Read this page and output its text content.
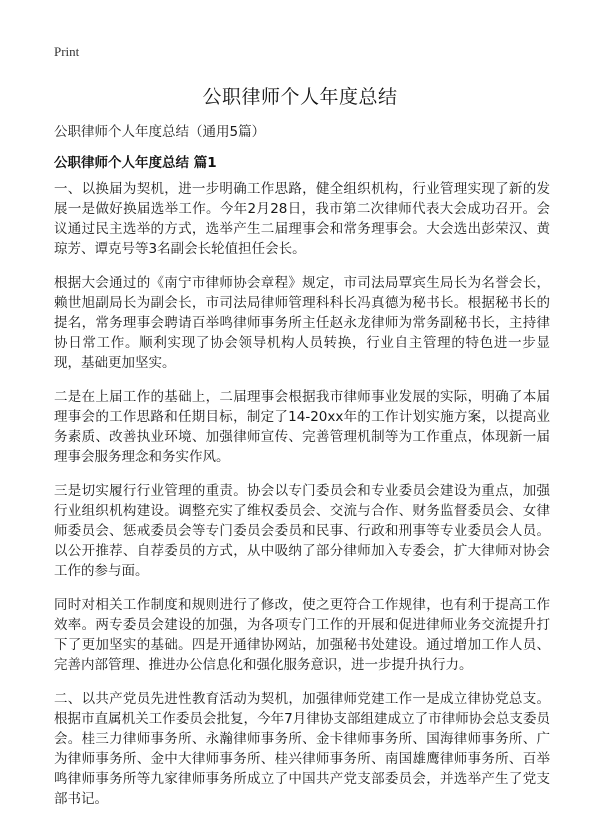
Print
公职律师个人年度总结
公职律师个人年度总结（通用5篇）
公职律师个人年度总结 篇1

一、以换届为契机，进一步明确工作思路，健全组织机构，行业管理实现了新的发展一是做好换届选举工作。今年2月28日，我市第二次律师代表大会成功召开。会议通过民主选举的方式，选举产生二届理事会和常务理事会。大会选出彭荣汉、黄琼芳、谭克号等3名副会长轮值担任会长。

根据大会通过的《南宁市律师协会章程》规定，市司法局覃宾生局长为名誉会长，赖世旭副局长为副会长，市司法局律师管理科科长冯真德为秘书长。根据秘书长的提名，常务理事会聘请百举鸣律师事务所主任赵永龙律师为常务副秘书长，主持律协日常工作。顺利实现了协会领导机构人员转换，行业自主管理的特色进一步显现，基础更加坚实。

二是在上届工作的基础上，二届理事会根据我市律师事业发展的实际，明确了本届理事会的工作思路和任期目标，制定了14-20xx年的工作计划实施方案，以提高业务素质、改善执业环境、加强律师宣传、完善管理机制等为工作重点，体现新一届理事会服务理念和务实作风。

三是切实履行行业管理的重责。协会以专门委员会和专业委员会建设为重点，加强行业组织机构建设。调整充实了维权委员会、交流与合作、财务监督委员会、女律师委员会、惩戒委员会等专门委员会委员和民事、行政和刑事等专业委员会人员。以公开推荐、自荐委员的方式，从中吸纳了部分律师加入专委会，扩大律师对协会工作的参与面。

同时对相关工作制度和规则进行了修改，使之更符合工作规律，也有利于提高工作效率。两专委员会建设的加强，为各项专门工作的开展和促进律师业务交流提升打下了更加坚实的基础。四是开通律协网站，加强秘书处建设。通过增加工作人员、完善内部管理、推进办公信息化和强化服务意识，进一步提升执行力。

二、以共产党员先进性教育活动为契机，加强律师党建工作一是成立律协党总支。根据市直属机关工作委员会批复，今年7月律协支部组建成立了市律师协会总支委员会。桂三力律师事务所、永瀚律师事务所、金卡律师事务所、国海律师事务所、广为律师事务所、金中大律师事务所、桂兴律师事务所、南国雄鹰律师事务所、百举鸣律师事务所等九家律师事务所成立了中国共产党支部委员会，并选举产生了党支部书记。
